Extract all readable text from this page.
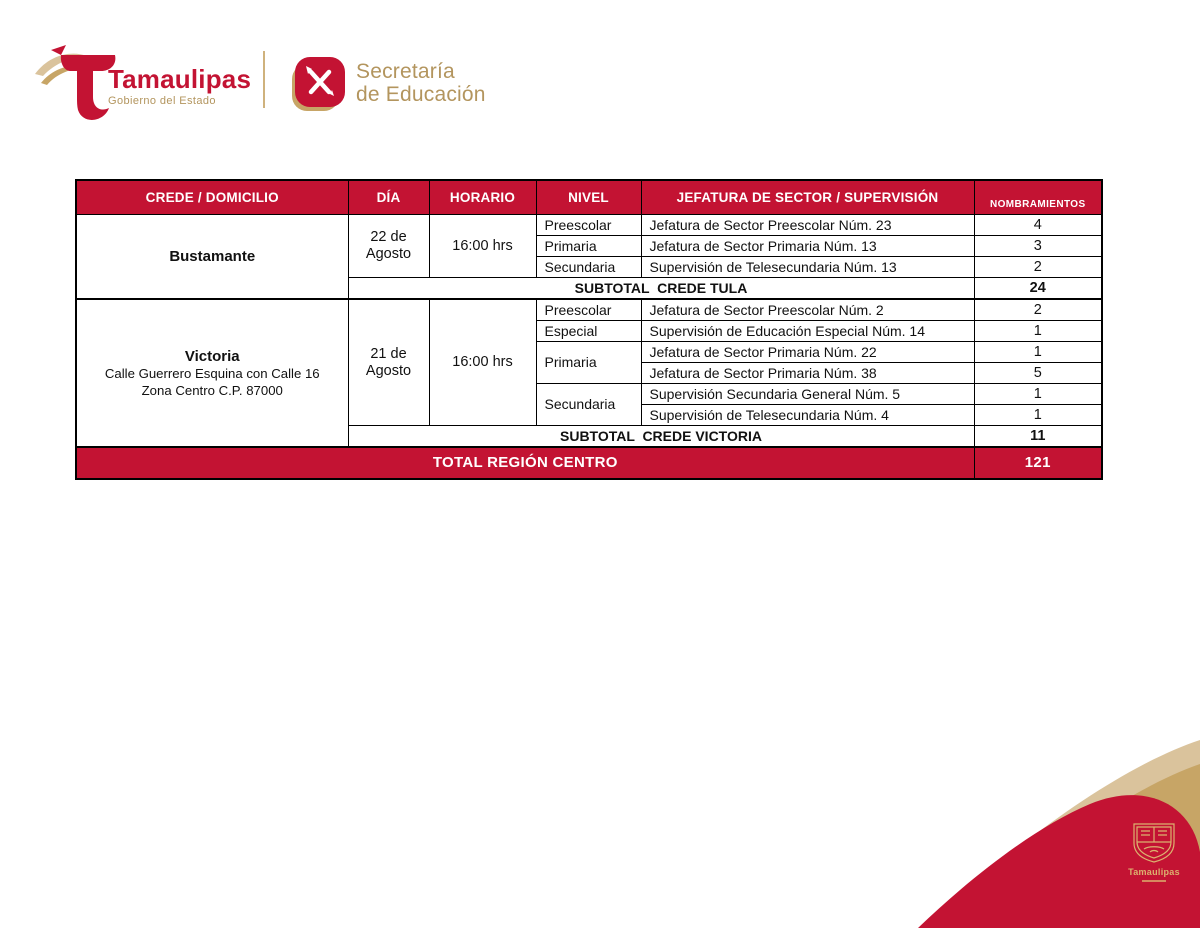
Tamaulipas
Gobierno del Estado
Secretaría
de Educación
CREDE / DOMICILIO	DÍA	HORARIO	NIVEL	JEFATURA DE SECTOR / SUPERVISIÓN	NOMBRAMIENTOS

Bustamante	22 de Agosto	16:00 hrs	Preescolar	Jefatura de Sector Preescolar Núm. 23	4
			Primaria	Jefatura de Sector Primaria Núm. 13	3
			Secundaria	Supervisión de Telesecundaria Núm. 13	2
	SUBTOTAL  CREDE TULA				24

Victoria
Calle Guerrero Esquina con Calle 16
Zona Centro C.P. 87000	21 de Agosto	16:00 hrs	Preescolar	Jefatura de Sector Preescolar Núm. 2	2
			Especial	Supervisión de Educación Especial Núm. 14	1
			Primaria	Jefatura de Sector Primaria Núm. 22	1
				Jefatura de Sector Primaria Núm. 38	5
			Secundaria	Supervisión Secundaria General Núm. 5	1
				Supervisión de Telesecundaria Núm. 4	1
	SUBTOTAL  CREDE VICTORIA				11
TOTAL REGIÓN CENTRO					121
Tamaulipas
